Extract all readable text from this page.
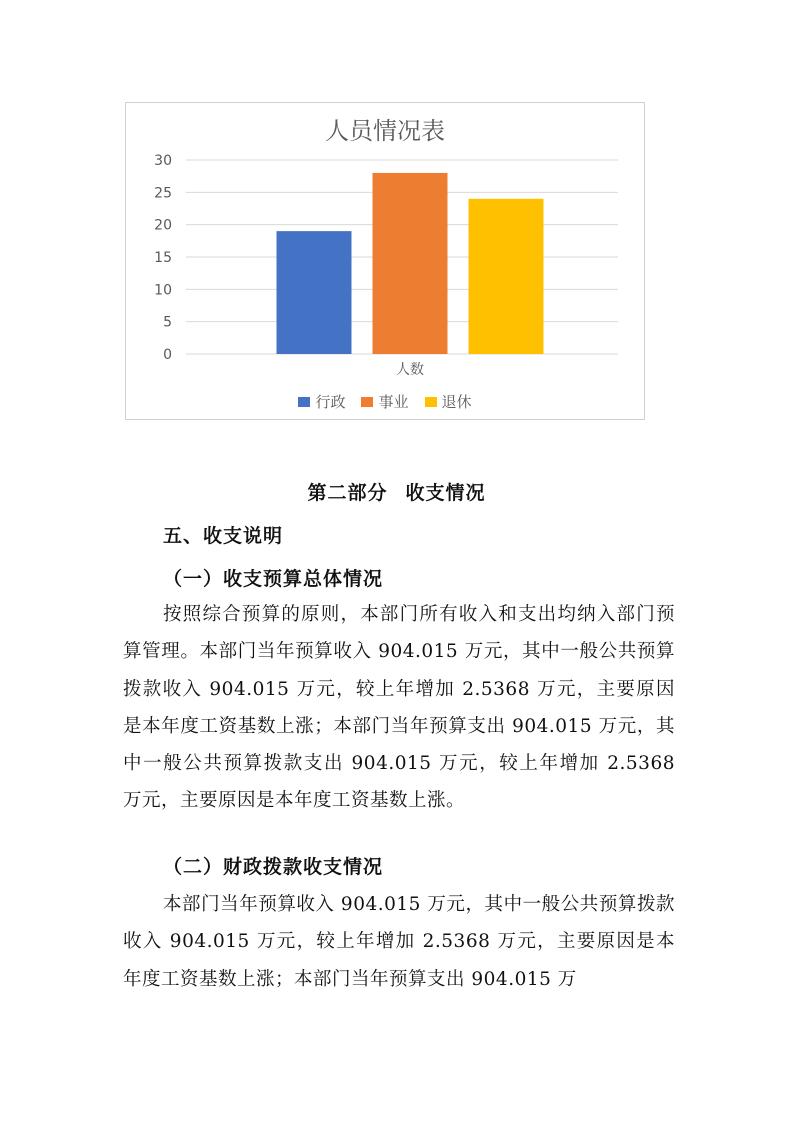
人员情况表
0
5
10
15
20
25
30
人数
行政 事业 退休
第二部分 收支情况
五、收支说明
（一）收支预算总体情况
按照综合预算的原则，本部门所有收入和支出均纳入部门预算管理。本部门当年预算收入 904.015 万元，其中一般公共预算拨款收入 904.015 万元，较上年增加 2.5368 万元，主要原因是本年度工资基数上涨；本部门当年预算支出 904.015 万元，其中一般公共预算拨款支出 904.015 万元，较上年增加 2.5368 万元，主要原因是本年度工资基数上涨。
（二）财政拨款收支情况
本部门当年预算收入 904.015 万元，其中一般公共预算拨款收入 904.015 万元，较上年增加 2.5368 万元，主要原因是本年度工资基数上涨；本部门当年预算支出 904.015 万
